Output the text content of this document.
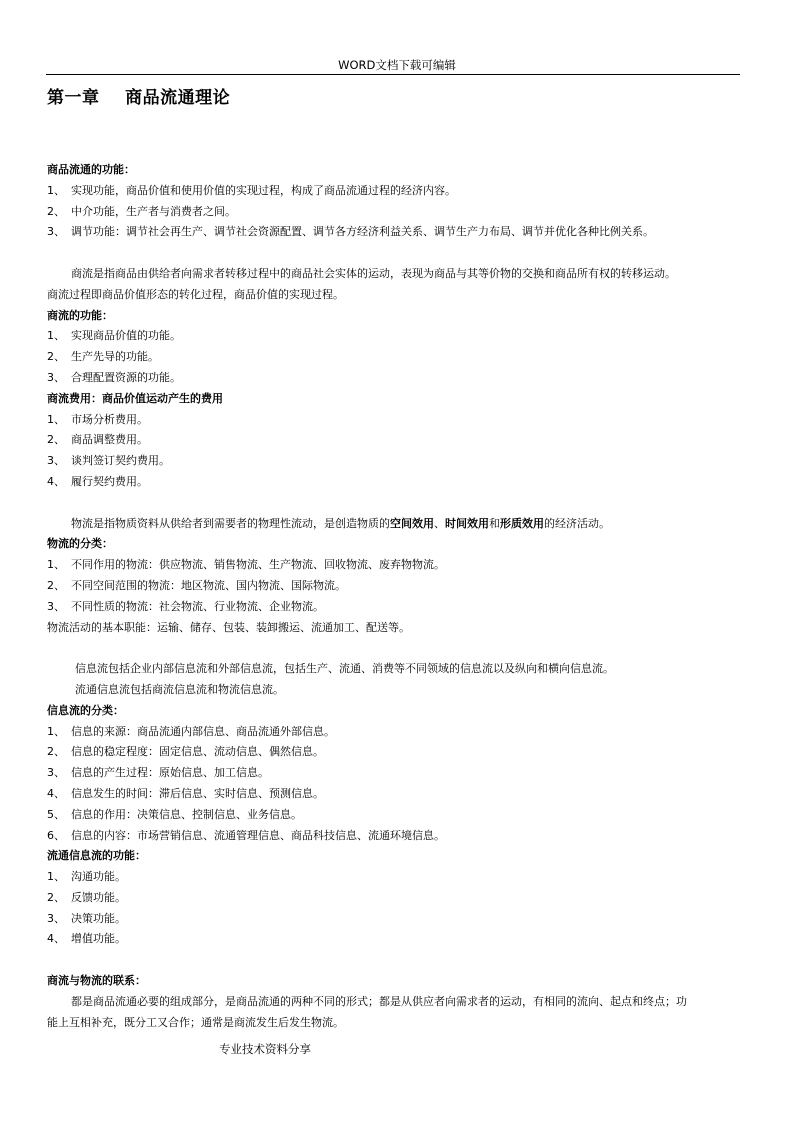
WORD文档下载可编辑
第一章    商品流通理论
商品流通的功能：
1、 实现功能，商品价值和使用价值的实现过程，构成了商品流通过程的经济内容。
2、 中介功能，生产者与消费者之间。
3、 调节功能：调节社会再生产、调节社会资源配置、调节各方经济利益关系、调节生产力布局、调节并优化各种比例关系。
商流是指商品由供给者向需求者转移过程中的商品社会实体的运动，表现为商品与其等价物的交换和商品所有权的转移运动。
商流过程即商品价值形态的转化过程，商品价值的实现过程。
商流的功能：
1、 实现商品价值的功能。
2、 生产先导的功能。
3、 合理配置资源的功能。
商流费用：商品价值运动产生的费用
1、 市场分析费用。
2、 商品调整费用。
3、 谈判签订契约费用。
4、 履行契约费用。
物流是指物质资料从供给者到需要者的物理性流动，是创造物质的空间效用、时间效用和形质效用的经济活动。
物流的分类：
1、 不同作用的物流：供应物流、销售物流、生产物流、回收物流、废弃物物流。
2、 不同空间范围的物流：地区物流、国内物流、国际物流。
3、 不同性质的物流：社会物流、行业物流、企业物流。
物流活动的基本职能：运输、储存、包装、装卸搬运、流通加工、配送等。
信息流包括企业内部信息流和外部信息流，包括生产、流通、消费等不同领域的信息流以及纵向和横向信息流。
流通信息流包括商流信息流和物流信息流。
信息流的分类：
1、 信息的来源：商品流通内部信息、商品流通外部信息。
2、 信息的稳定程度：固定信息、流动信息、偶然信息。
3、 信息的产生过程：原始信息、加工信息。
4、 信息发生的时间：滞后信息、实时信息、预测信息。
5、 信息的作用：决策信息、控制信息、业务信息。
6、 信息的内容：市场营销信息、流通管理信息、商品科技信息、流通环境信息。
流通信息流的功能：
1、 沟通功能。
2、 反馈功能。
3、 决策功能。
4、 增值功能。
商流与物流的联系：
都是商品流通必要的组成部分，是商品流通的两种不同的形式；都是从供应者向需求者的运动，有相同的流向、起点和终点；功
能上互相补充，既分工又合作；通常是商流发生后发生物流。
专业技术资料分享
